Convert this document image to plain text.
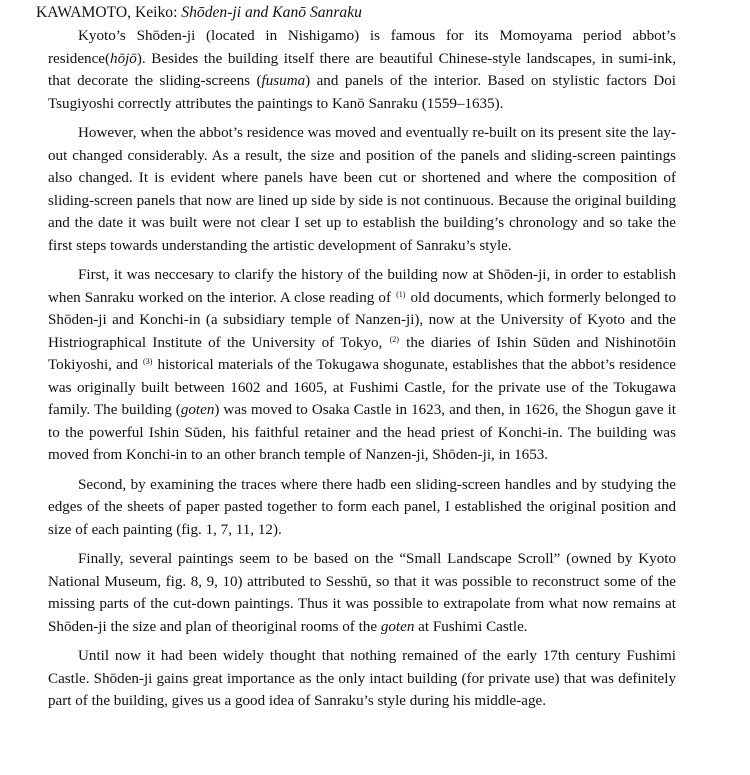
KAWAMOTO, Keiko: Shōden-ji and Kanō Sanraku

Kyoto’s Shōden-ji (located in Nishigamo) is famous for its Momoyama period abbot’s residence(hōjō). Besides the building itself there are beautiful Chinese-style landscapes, in sumi-ink, that decorate the sliding-screens (fusuma) and panels of the interior. Based on stylistic factors Doi Tsugiyoshi correctly attributes the paintings to Kanō Sanraku (1559–1635).

However, when the abbot’s residence was moved and eventually re-built on its present site the lay-out changed considerably. As a result, the size and position of the panels and sliding-screen paintings also changed. It is evident where panels have been cut or shortened and where the composition of sliding-screen panels that now are lined up side by side is not continuous. Because the original building and the date it was built were not clear I set up to establish the building’s chronology and so take the first steps towards understanding the artistic development of Sanraku’s style.

First, it was neccesary to clarify the history of the building now at Shōden-ji, in order to establish when Sanraku worked on the interior. A close reading of $^{(1)}$ old documents, which formerly belonged to Shōden-ji and Konchi-in (a subsidiary temple of Nanzen-ji), now at the University of Kyoto and the Histriographical Institute of the University of Tokyo, $^{(2)}$ the diaries of Ishin Sūden and Nishinotōin Tokiyoshi, and $^{(3)}$ historical materials of the Tokugawa shogunate, establishes that the abbot’s residence was originally built between 1602 and 1605, at Fushimi Castle, for the private use of the Tokugawa family. The building (goten) was moved to Osaka Castle in 1623, and then, in 1626, the Shogun gave it to the powerful Ishin Sūden, his faithful retainer and the head priest of Konchi-in. The building was moved from Konchi-in to an other branch temple of Nanzen-ji, Shōden-ji, in 1653.

Second, by examining the traces where there hadb een sliding-screen handles and by studying the edges of the sheets of paper pasted together to form each panel, I established the original position and size of each painting (fig. 1, 7, 11, 12).

Finally, several paintings seem to be based on the “Small Landscape Scroll” (owned by Kyoto National Museum, fig. 8, 9, 10) attributed to Sesshū, so that it was possible to reconstruct some of the missing parts of the cut-down paintings. Thus it was possible to extrapolate from what now remains at Shōden-ji the size and plan of theoriginal rooms of the goten at Fushimi Castle.

Until now it had been widely thought that nothing remained of the early 17th century Fushimi Castle. Shōden-ji gains great importance as the only intact building (for private use) that was definitely part of the building, gives us a good idea of Sanraku’s style during his middle-age.
